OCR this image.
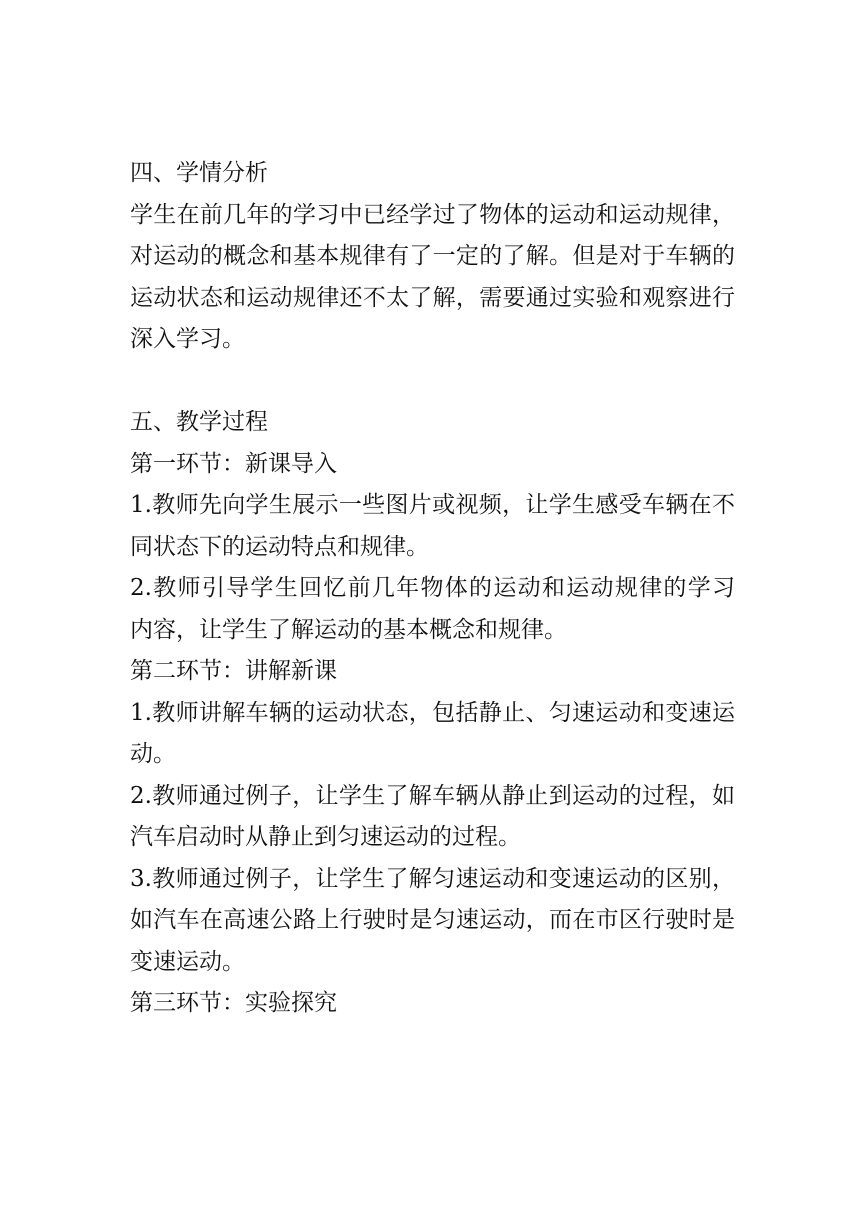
四、学情分析
学生在前几年的学习中已经学过了物体的运动和运动规律，
对运动的概念和基本规律有了一定的了解。但是对于车辆的
运动状态和运动规律还不太了解，需要通过实验和观察进行
深入学习。
五、教学过程
第一环节：新课导入
1.教师先向学生展示一些图片或视频，让学生感受车辆在不
同状态下的运动特点和规律。
2.教师引导学生回忆前几年物体的运动和运动规律的学习
内容，让学生了解运动的基本概念和规律。
第二环节：讲解新课
1.教师讲解车辆的运动状态，包括静止、匀速运动和变速运
动。
2.教师通过例子，让学生了解车辆从静止到运动的过程，如
汽车启动时从静止到匀速运动的过程。
3.教师通过例子，让学生了解匀速运动和变速运动的区别，
如汽车在高速公路上行驶时是匀速运动，而在市区行驶时是
变速运动。
第三环节：实验探究
